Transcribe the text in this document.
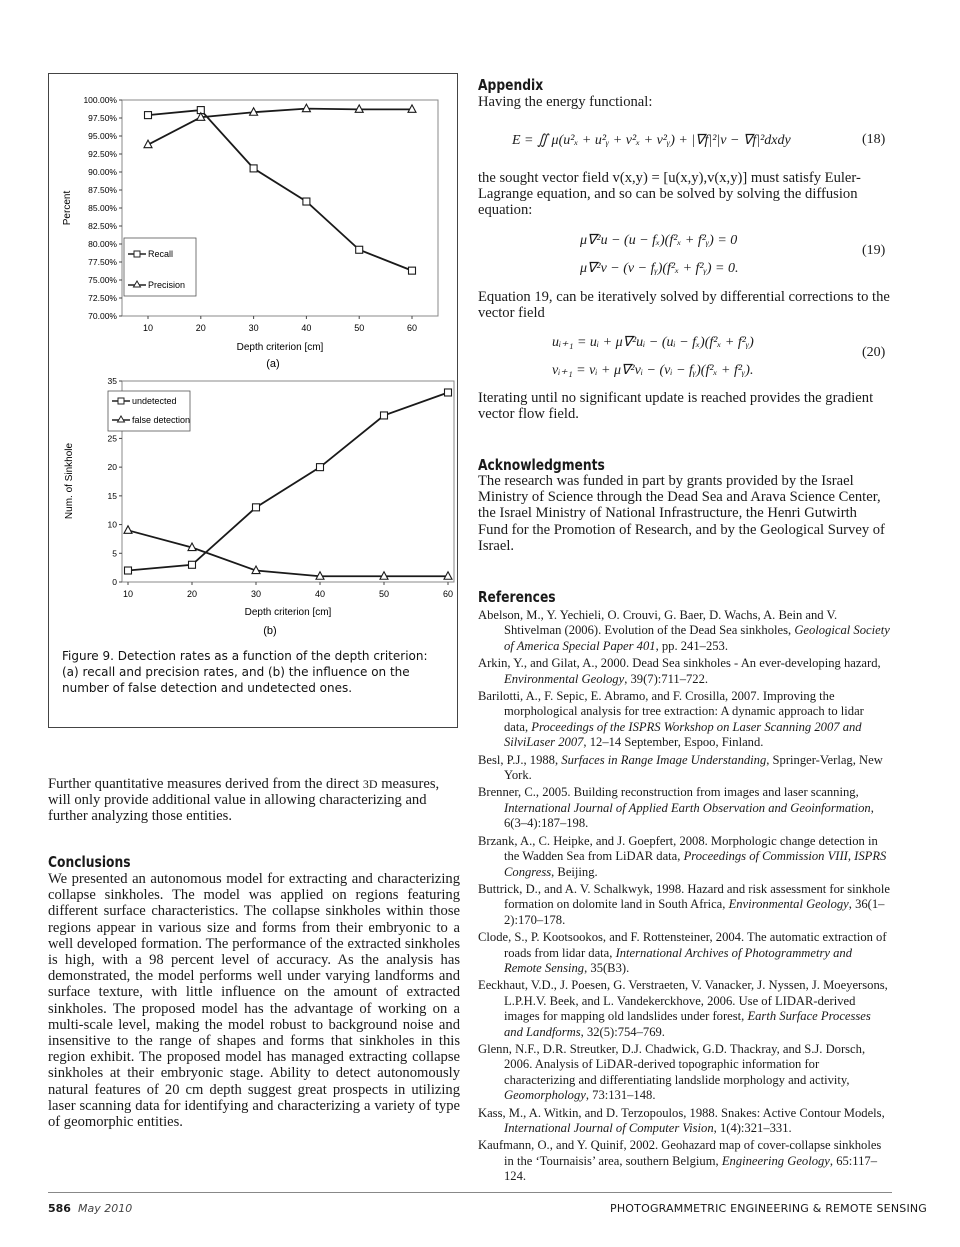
Percent
Depth criterion [cm]
(a)
100.00%
97.50%
95.00%
92.50%
90.00%
87.50%
85.00%
82.50%
80.00%
77.50%
75.00%
72.50%
70.00%
10	20	30	40	50	60
Recall
Precision
Num. of Sinkhole
Depth criterion [cm]
(b)
35
25
20
15
10
5
0
10	20	30	40	50	60
undetected
false detection
Figure 9. Detection rates as a function of the depth criterion: (a) recall and precision rates, and (b) the influence on the number of false detection and undetected ones.
Further quantitative measures derived from the direct 3D measures, will only provide additional value in allowing characterizing and further analyzing those entities.
Conclusions
We presented an autonomous model for extracting and characterizing collapse sinkholes. The model was applied on regions featuring different surface characteristics. The collapse sinkholes within those regions appear in various size and forms from their embryonic to a well developed formation. The performance of the extracted sinkholes is high, with a 98 percent level of accuracy. As the analysis has demonstrated, the model performs well under varying landforms and surface texture, with little influence on the amount of extracted sinkholes. The proposed model has the advantage of working on a multi-scale level, making the model robust to background noise and insensitive to the range of shapes and forms that sinkholes in this region exhibit. The proposed model has managed extracting collapse sinkholes at their embryonic stage. Ability to detect autonomously natural features of 20 cm depth suggest great prospects in utilizing laser scanning data for identifying and characterizing a variety of type of geomorphic entities.
Appendix
Having the energy functional:
E = ∬ μ(u²ₓ + u²ᵧ + v²ₓ + v²ᵧ) + |∇f|²|v − ∇f|²dxdy	(18)
the sought vector field v(x,y) = [u(x,y),v(x,y)] must satisfy Euler-Lagrange equation, and so can be solved by solving the diffusion equation:
μ∇²u − (u − fₓ)(f²ₓ + f²ᵧ) = 0
μ∇²v − (v − fᵧ)(f²ₓ + f²ᵧ) = 0.
(19)
Equation 19, can be iteratively solved by differential corrections to the vector field
uᵢ₊₁ = uᵢ + μ∇²uᵢ − (uᵢ − fₓ)(f²ₓ + f²ᵧ)
vᵢ₊₁ = vᵢ + μ∇²vᵢ − (vᵢ − fᵧ)(f²ₓ + f²ᵧ).
(20)
Iterating until no significant update is reached provides the gradient vector flow field.
Acknowledgments
The research was funded in part by grants provided by the Israel Ministry of Science through the Dead Sea and Arava Science Center, the Israel Ministry of National Infrastructure, the Henri Gutwirth Fund for the Promotion of Research, and by the Geological Survey of Israel.
References
Abelson, M., Y. Yechieli, O. Crouvi, G. Baer, D. Wachs, A. Bein and V. Shtivelman (2006). Evolution of the Dead Sea sinkholes, Geological Society of America Special Paper 401, pp. 241–253.
Arkin, Y., and Gilat, A., 2000. Dead Sea sinkholes - An ever-developing hazard, Environmental Geology, 39(7):711–722.
Barilotti, A., F. Sepic, E. Abramo, and F. Crosilla, 2007. Improving the morphological analysis for tree extraction: A dynamic approach to lidar data, Proceedings of the ISPRS Workshop on Laser Scanning 2007 and SilviLaser 2007, 12–14 September, Espoo, Finland.
Besl, P.J., 1988, Surfaces in Range Image Understanding, Springer-Verlag, New York.
Brenner, C., 2005. Building reconstruction from images and laser scanning, International Journal of Applied Earth Observation and Geoinformation, 6(3–4):187–198.
Brzank, A., C. Heipke, and J. Goepfert, 2008. Morphologic change detection in the Wadden Sea from LiDAR data, Proceedings of Commission VIII, ISPRS Congress, Beijing.
Buttrick, D., and A. V. Schalkwyk, 1998. Hazard and risk assessment for sinkhole formation on dolomite land in South Africa, Environmental Geology, 36(1–2):170–178.
Clode, S., P. Kootsookos, and F. Rottensteiner, 2004. The automatic extraction of roads from lidar data, International Archives of Photogrammetry and Remote Sensing, 35(B3).
Eeckhaut, V.D., J. Poesen, G. Verstraeten, V. Vanacker, J. Nyssen, J. Moeyersons, L.P.H.V. Beek, and L. Vandekerckhove, 2006. Use of LIDAR-derived images for mapping old landslides under forest, Earth Surface Processes and Landforms, 32(5):754–769.
Glenn, N.F., D.R. Streutker, D.J. Chadwick, G.D. Thackray, and S.J. Dorsch, 2006. Analysis of LiDAR-derived topographic information for characterizing and differentiating landslide morphology and activity, Geomorphology, 73:131–148.
Kass, M., A. Witkin, and D. Terzopoulos, 1988. Snakes: Active Contour Models, International Journal of Computer Vision, 1(4):321–331.
Kaufmann, O., and Y. Quinif, 2002. Geohazard map of cover-collapse sinkholes in the ‘Tournaisis’ area, southern Belgium, Engineering Geology, 65:117–124.
586 May 2010	PHOTOGRAMMETRIC ENGINEERING & REMOTE SENSING
